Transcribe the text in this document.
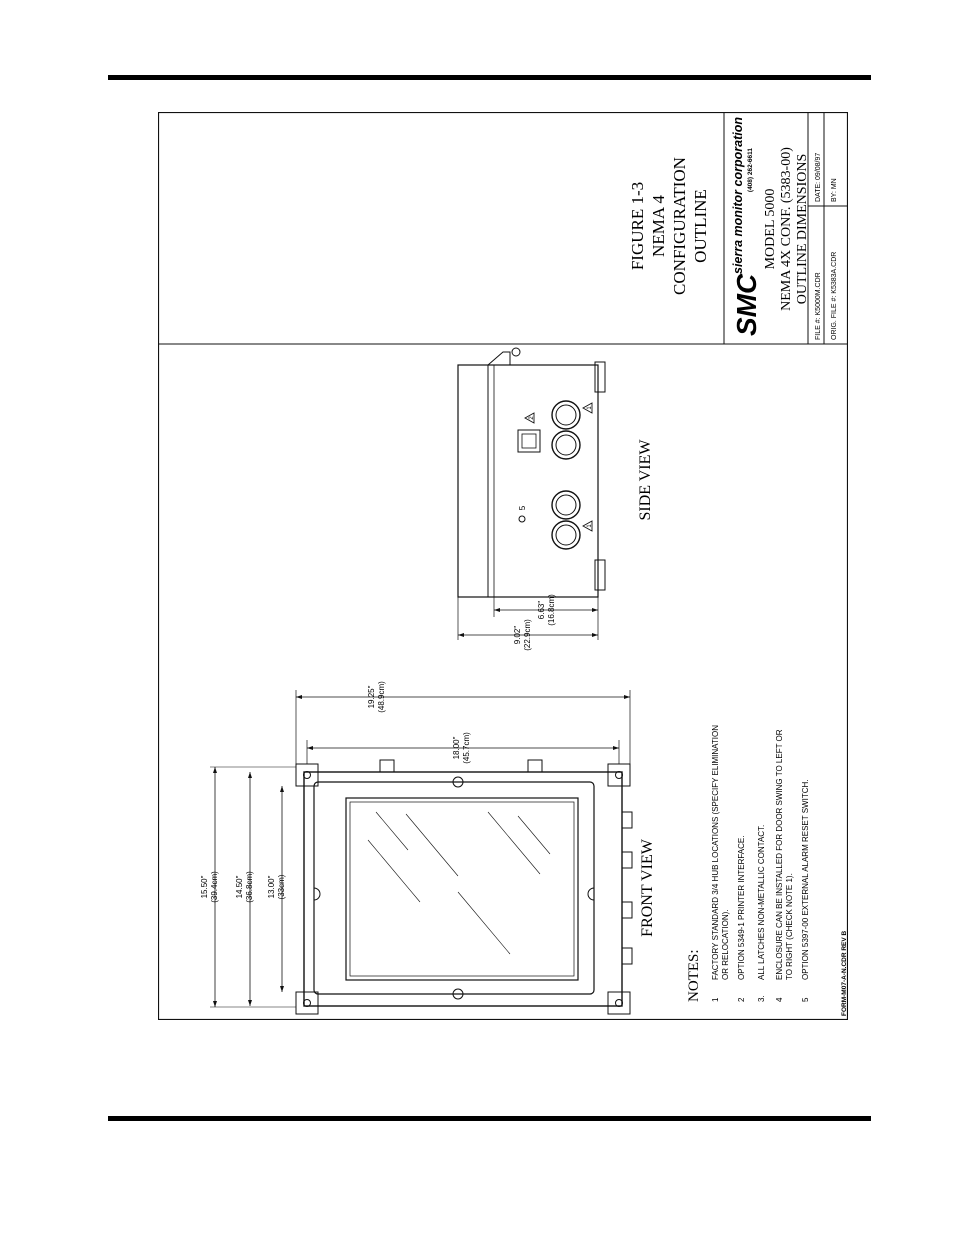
FIGURE 1-3 NEMA 4 CONFIGURATION OUTLINE
SMC
sierra monitor corporation (408) 262-6611
MODEL 5000 NEMA 4X CONF. (5383-00) OUTLINE DIMENSIONS
FILE #: K5000M.CDR
DATE: 09/08/97
ORIG. FILE #: K5383A.CDR
BY: MN
1
1
2
5
6.63" (16.8cm)
9.02" (22.9cm)
SIDE VIEW
19.25" (48.9cm)
18.00" (45.7cm)
15.50" (39.4cm) 14.50" (36.8cm) 13.00" (33cm)	FRONT VIEW
NOTES: 1
FACTORY STANDARD 3/4 HUB LOCATIONS (SPECIFY ELIMINATION OR RELOCATION).
2
OPTION 5349-1 PRINTER INTERFACE.
3.
ALL LATCHES NON-METALLIC CONTACT.
4
ENCLOSURE CAN BE INSTALLED FOR DOOR SWING TO LEFT OR TO RIGHT (CHECK NOTE 1).
5
OPTION 5397-00 EXTERNAL ALARM RESET SWITCH.	FORM-M07-A-N.CDR REV B
